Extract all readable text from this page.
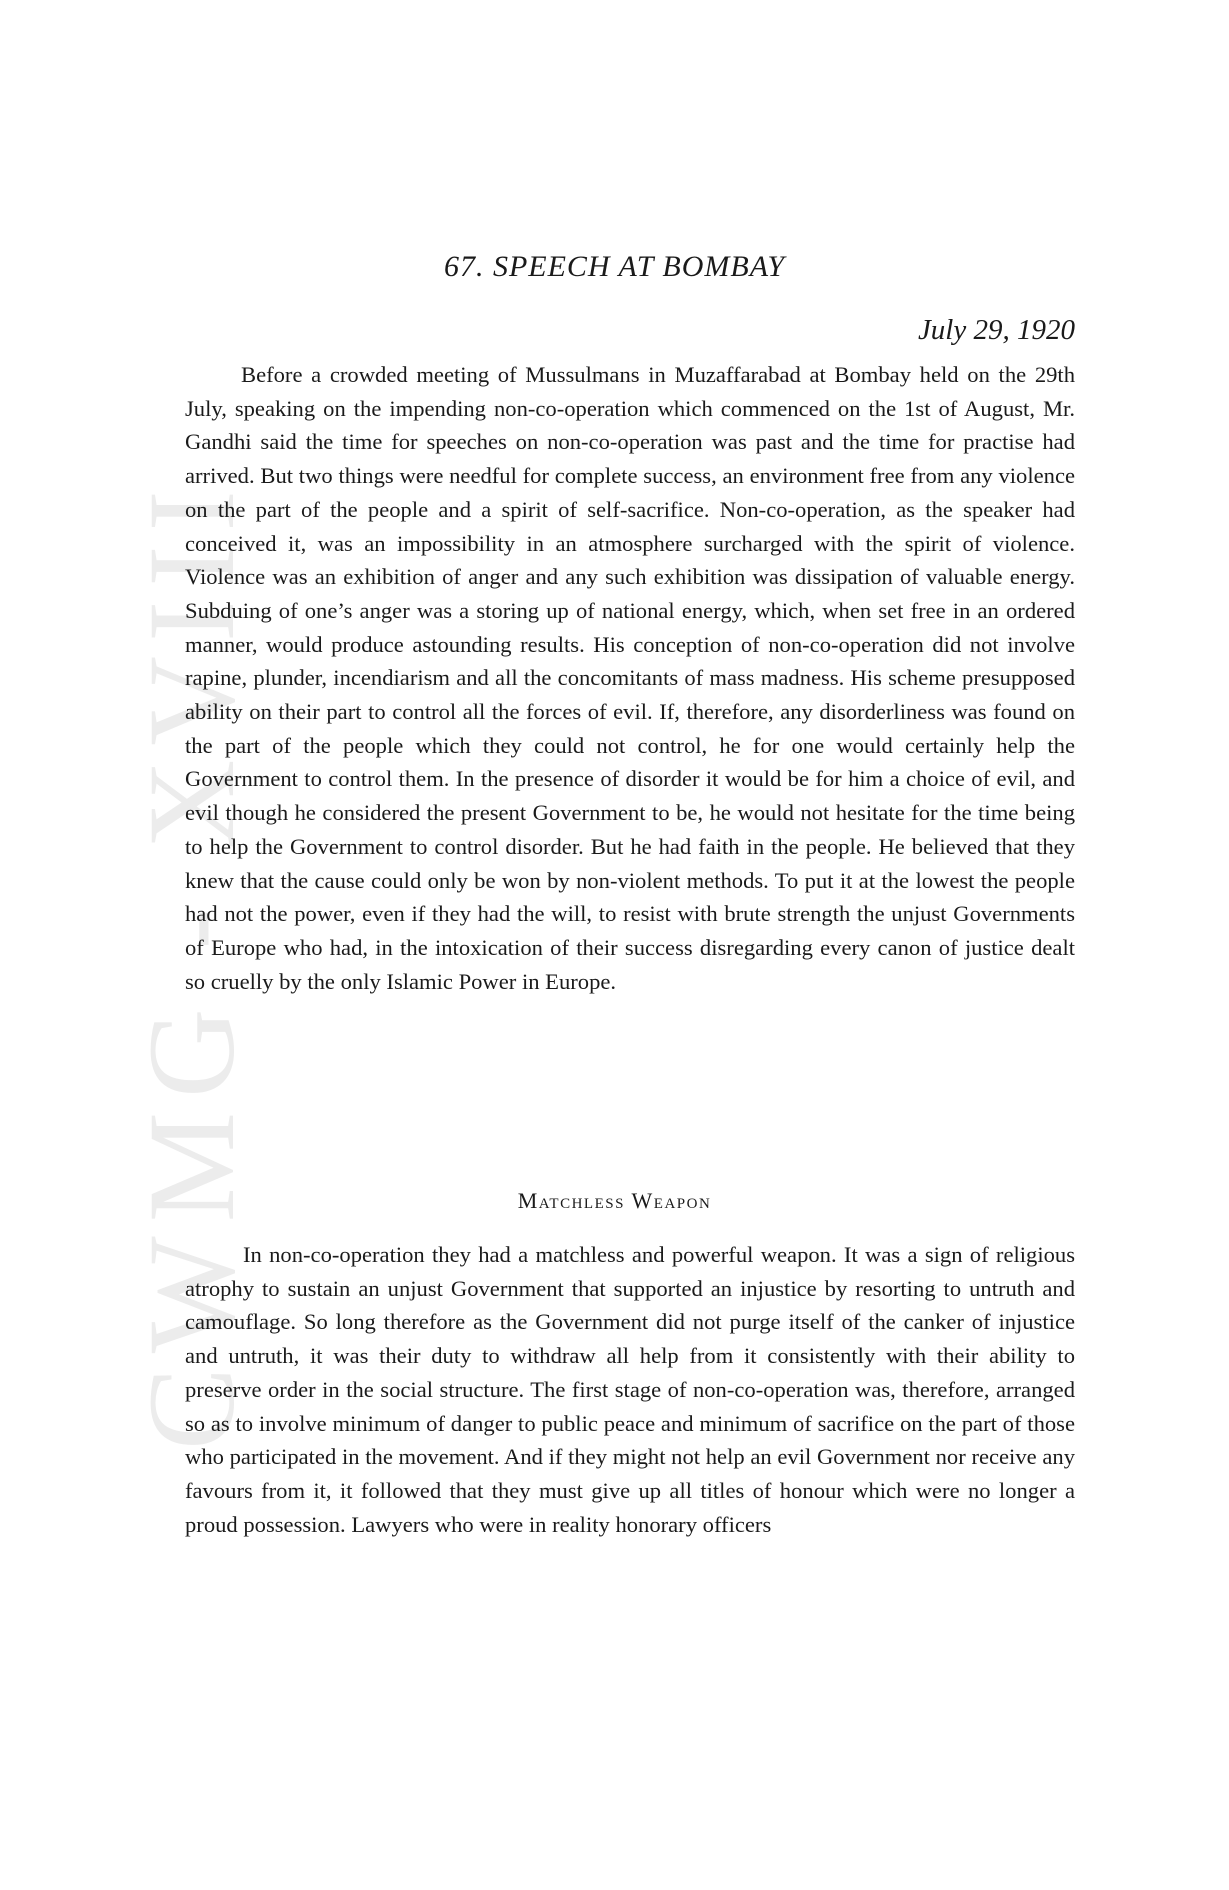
CWMG - XVIII
67. SPEECH AT BOMBAY

July 29, 1920

Before a crowded meeting of Mussulmans in Muzaffarabad at Bombay held on the 29th July, speaking on the impending non-co-operation which commenced on the 1st of August, Mr. Gandhi said the time for speeches on non-co-operation was past and the time for practise had arrived. But two things were needful for complete success, an environment free from any violence on the part of the people and a spirit of self-sacrifice. Non-co-operation, as the speaker had conceived it, was an impossibility in an atmosphere surcharged with the spirit of violence. Violence was an exhibition of anger and any such exhibition was dissipation of valuable energy. Subduing of one’s anger was a storing up of national energy, which, when set free in an ordered manner, would produce astounding results. His conception of non-co-operation did not involve rapine, plunder, incendiarism and all the concomitants of mass madness. His scheme presupposed ability on their part to control all the forces of evil. If, therefore, any disorderliness was found on the part of the people which they could not control, he for one would certainly help the Government to control them. In the presence of disorder it would be for him a choice of evil, and evil though he considered the present Government to be, he would not hesitate for the time being to help the Government to control disorder. But he had faith in the people. He believed that they knew that the cause could only be won by non-violent methods. To put it at the lowest the people had not the power, even if they had the will, to resist with brute strength the unjust Governments of Europe who had, in the intoxication of their success disregarding every canon of justice dealt so cruelly by the only Islamic Power in Europe.

Matchless Weapon

In non-co-operation they had a matchless and powerful weapon. It was a sign of religious atrophy to sustain an unjust Government that supported an injustice by resorting to untruth and camouflage. So long therefore as the Government did not purge itself of the canker of injustice and untruth, it was their duty to withdraw all help from it consistently with their ability to preserve order in the social structure. The first stage of non-co-operation was, therefore, arranged so as to involve minimum of danger to public peace and minimum of sacrifice on the part of those who participated in the movement. And if they might not help an evil Government nor receive any favours from it, it followed that they must give up all titles of honour which were no longer a proud possession. Lawyers who were in reality honorary officers
